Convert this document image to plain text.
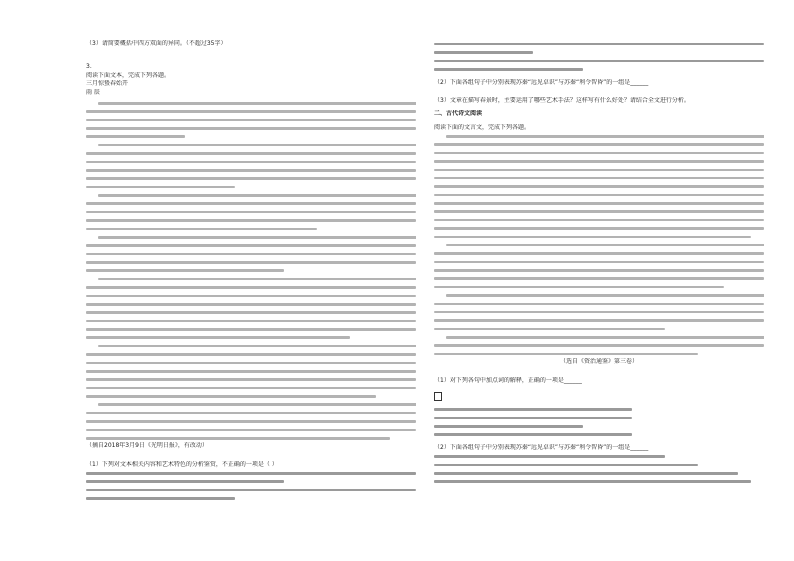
（3）请简要概括中四方双面的异同。（不超过35字）

3.

阅读下面文本，完成下列各题。

三月惊蛰春始开

雨 辰

（摘自2018年3月9日《光明日报》，有改动）

（1）下列对文本相关内容和艺术特色的分析鉴赏，不正确的一项是（ ）

（2）下面各组句子中分别表现苏秦“远见卓识”与苏秦“利令智昏”的一组是______

（3）文章在描写春景时，主要运用了哪些艺术手法？这样写有什么好处？请结合全文进行分析。

二、古代诗文阅读

阅读下面的文言文，完成下列各题。

（选自《资治通鉴》第三卷）

（1）对下列各句中加点词的解释，正确的一项是______

（2）下面各组句子中分别表现苏秦“远见卓识”与苏秦“利令智昏”的一组是______
